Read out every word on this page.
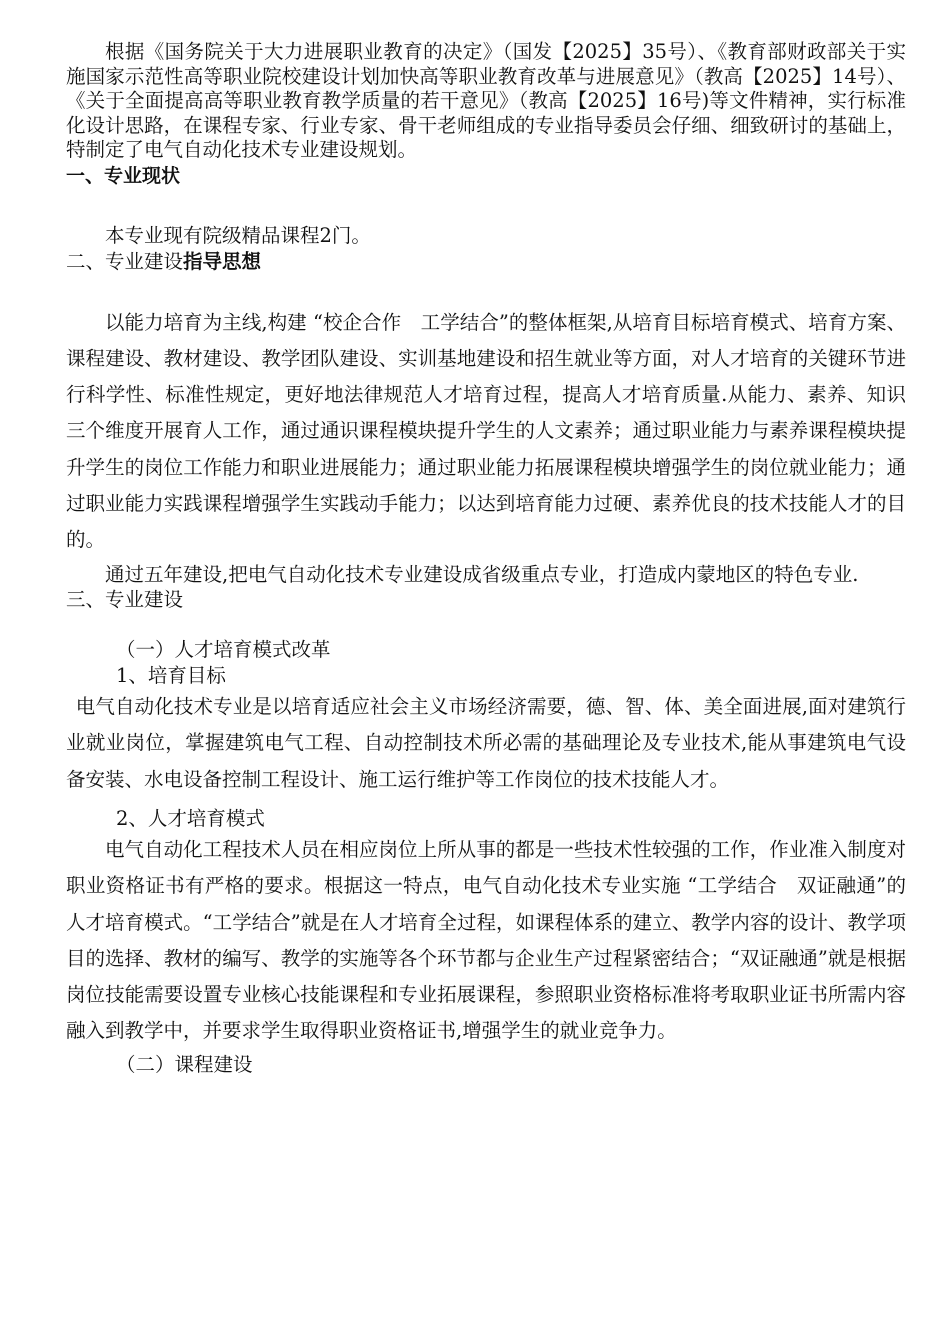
根据《国务院关于大力进展职业教育的决定》（国发【2025】35号）、《教育部财政部关于实施国家示范性高等职业院校建设计划加快高等职业教育改革与进展意见》（教高【2025】14号）、《关于全面提高高等职业教育教学质量的若干意见》（教高【2025】16号)等文件精神，实行标准化设计思路，在课程专家、行业专家、骨干老师组成的专业指导委员会仔细、细致研讨的基础上，特制定了电气自动化技术专业建设规划。

一、专业现状

本专业现有院级精品课程2门。

二、专业建设指导思想

以能力培育为主线,构建 “校企合作　工学结合”的整体框架,从培育目标培育模式、培育方案、课程建设、教材建设、教学团队建设、实训基地建设和招生就业等方面，对人才培育的关键环节进行科学性、标准性规定，更好地法律规范人才培育过程，提高人才培育质量.从能力、素养、知识三个维度开展育人工作，通过通识课程模块提升学生的人文素养；通过职业能力与素养课程模块提升学生的岗位工作能力和职业进展能力；通过职业能力拓展课程模块增强学生的岗位就业能力；通过职业能力实践课程增强学生实践动手能力；以达到培育能力过硬、素养优良的技术技能人才的目的。

通过五年建设,把电气自动化技术专业建设成省级重点专业，打造成内蒙地区的特色专业.

三、专业建设

（一）人才培育模式改革

1、培育目标

电气自动化技术专业是以培育适应社会主义市场经济需要，德、智、体、美全面进展,面对建筑行业就业岗位，掌握建筑电气工程、自动控制技术所必需的基础理论及专业技术,能从事建筑电气设备安装、水电设备控制工程设计、施工运行维护等工作岗位的技术技能人才。

2、人才培育模式

电气自动化工程技术人员在相应岗位上所从事的都是一些技术性较强的工作，作业准入制度对职业资格证书有严格的要求。根据这一特点，电气自动化技术专业实施 “工学结合　双证融通”的人才培育模式。“工学结合”就是在人才培育全过程，如课程体系的建立、教学内容的设计、教学项目的选择、教材的编写、教学的实施等各个环节都与企业生产过程紧密结合；“双证融通”就是根据岗位技能需要设置专业核心技能课程和专业拓展课程，参照职业资格标准将考取职业证书所需内容融入到教学中，并要求学生取得职业资格证书,增强学生的就业竞争力。

（二）课程建设
